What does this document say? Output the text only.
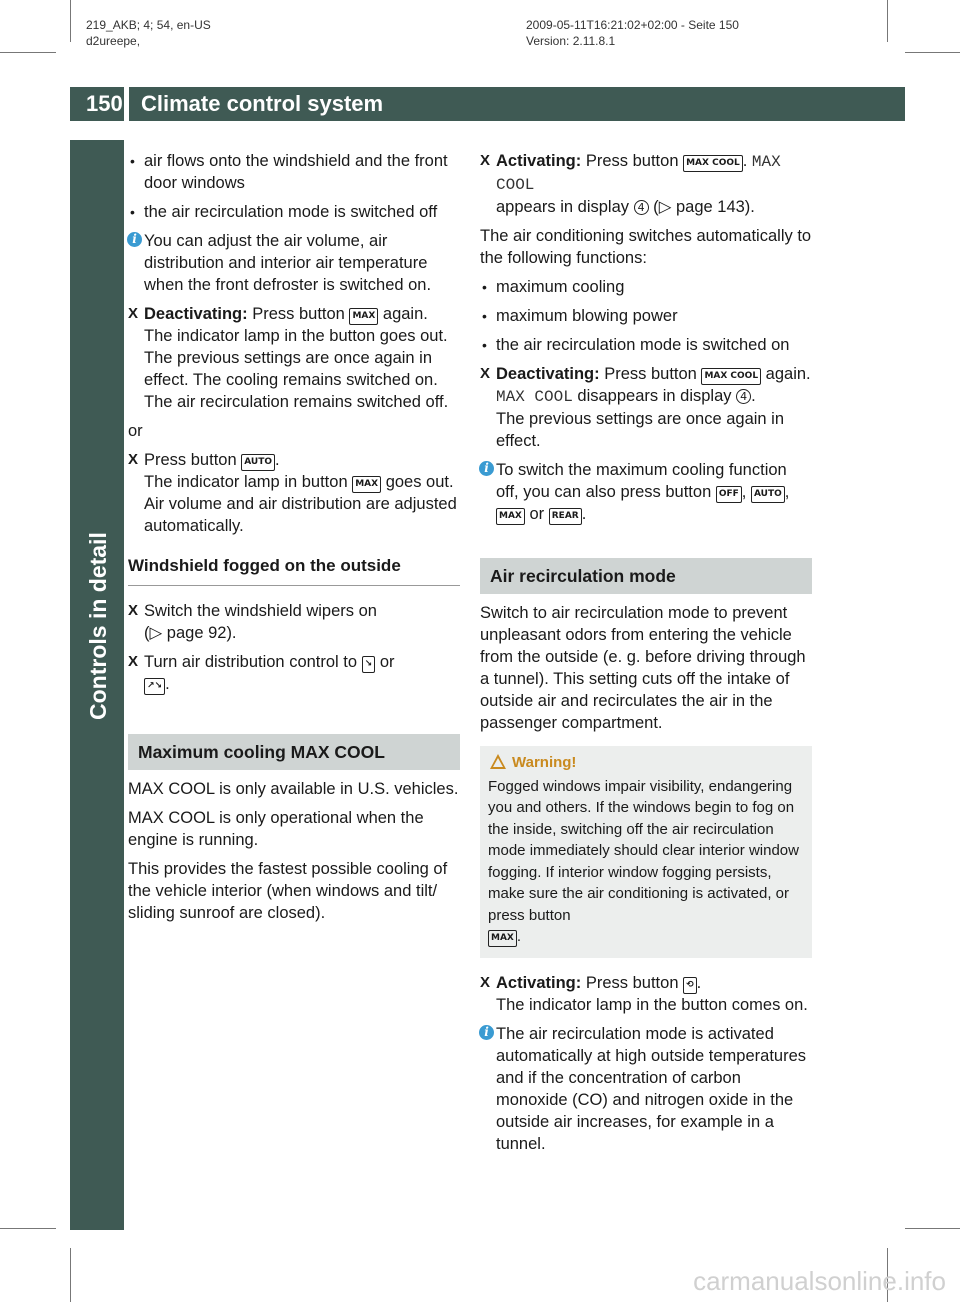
219_AKB; 4; 54, en-US
d2ureepe,
2009-05-11T16:21:02+02:00 - Seite 150
Version: 2.11.8.1
150 Climate control system
Controls in detail
• air flows onto the windshield and the front door windows
• the air recirculation mode is switched off
i You can adjust the air volume, air distribution and interior air temperature when the front defroster is switched on.
X Deactivating: Press button MAX again.
The indicator lamp in the button goes out. The previous settings are once again in effect. The cooling remains switched on. The air recirculation remains switched off.
or
X Press button AUTO .
The indicator lamp in button MAX goes out. Air volume and air distribution are adjusted automatically.
Windshield fogged on the outside
X Switch the windshield wipers on
(▷ page 92).
X Turn air distribution control to ↘ or
↗↘ .
Maximum cooling MAX COOL
MAX COOL is only available in U.S. vehicles.
MAX COOL is only operational when the engine is running.
This provides the fastest possible cooling of the vehicle interior (when windows and tilt/ sliding sunroof are closed).
X Activating: Press button MAX COOL . MAX COOL
appears in display 4 (▷ page 143).
The air conditioning switches automatically to the following functions:
• maximum cooling
• maximum blowing power
• the air recirculation mode is switched on
X Deactivating: Press button MAX COOL again.
MAX COOL disappears in display 4 .
The previous settings are once again in effect.
i To switch the maximum cooling function off, you can also press button OFF , AUTO , MAX or REAR .
Air recirculation mode
Switch to air recirculation mode to prevent unpleasant odors from entering the vehicle from the outside (e. g. before driving through a tunnel). This setting cuts off the intake of outside air and recirculates the air in the passenger compartment.
Warning!
Fogged windows impair visibility, endangering you and others. If the windows begin to fog on the inside, switching off the air recirculation mode immediately should clear interior window fogging. If interior window fogging persists, make sure the air conditioning is activated, or press button
MAX .
X Activating: Press button ⟲ .
The indicator lamp in the button comes on.
i The air recirculation mode is activated automatically at high outside temperatures and if the concentration of carbon monoxide (CO) and nitrogen oxide in the outside air increases, for example in a tunnel.
carmanualsonline.info
